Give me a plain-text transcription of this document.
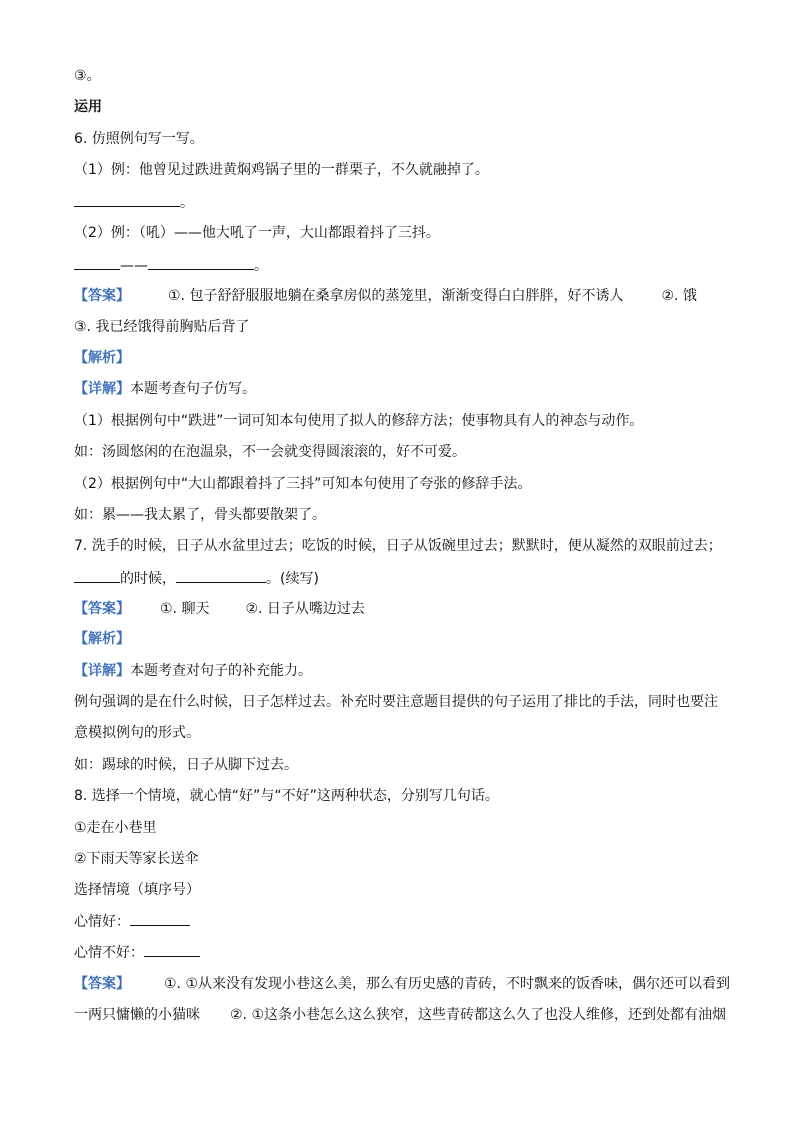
③。
运用
6. 仿照例句写一写。
（1）例：他曾见过跌进黄焖鸡锅子里的一群栗子，不久就融掉了。
。
（2）例：（吼）——他大吼了一声，大山都跟着抖了三抖。
——	。
【答案】	①. 包子舒舒服服地躺在桑拿房似的蒸笼里，渐渐变得白白胖胖，好不诱人	②. 饿
③. 我已经饿得前胸贴后背了
【解析】
【详解】本题考查句子仿写。
（1）根据例句中“跌进”一词可知本句使用了拟人的修辞方法；使事物具有人的神态与动作。
如：汤圆悠闲的在泡温泉，不一会就变得圆滚滚的，好不可爱。
（2）根据例句中“大山都跟着抖了三抖”可知本句使用了夸张的修辞手法。
如：累——我太累了，骨头都要散架了。
7. 洗手的时候，日子从水盆里过去；吃饭的时候，日子从饭碗里过去；默默时，便从凝然的双眼前过去；
的时候，	。(续写)
【答案】 ①. 聊天	②. 日子从嘴边过去
【解析】
【详解】本题考查对句子的补充能力。
例句强调的是在什么时候，日子怎样过去。补充时要注意题目提供的句子运用了排比的手法，同时也要注
意模拟例句的形式。
如：踢球的时候，日子从脚下过去。
8. 选择一个情境，就心情“好”与“不好”这两种状态，分别写几句话。
①走在小巷里
②下雨天等家长送伞
选择情境（填序号）
心情好：
心情不好：
【答案】 ①. ①从来没有发现小巷这么美，那么有历史感的青砖，不时飘来的饭香味，偶尔还可以看到
一两只慵懒的小猫咪 ②. ①这条小巷怎么这么狭窄，这些青砖都这么久了也没人维修，还到处都有油烟
